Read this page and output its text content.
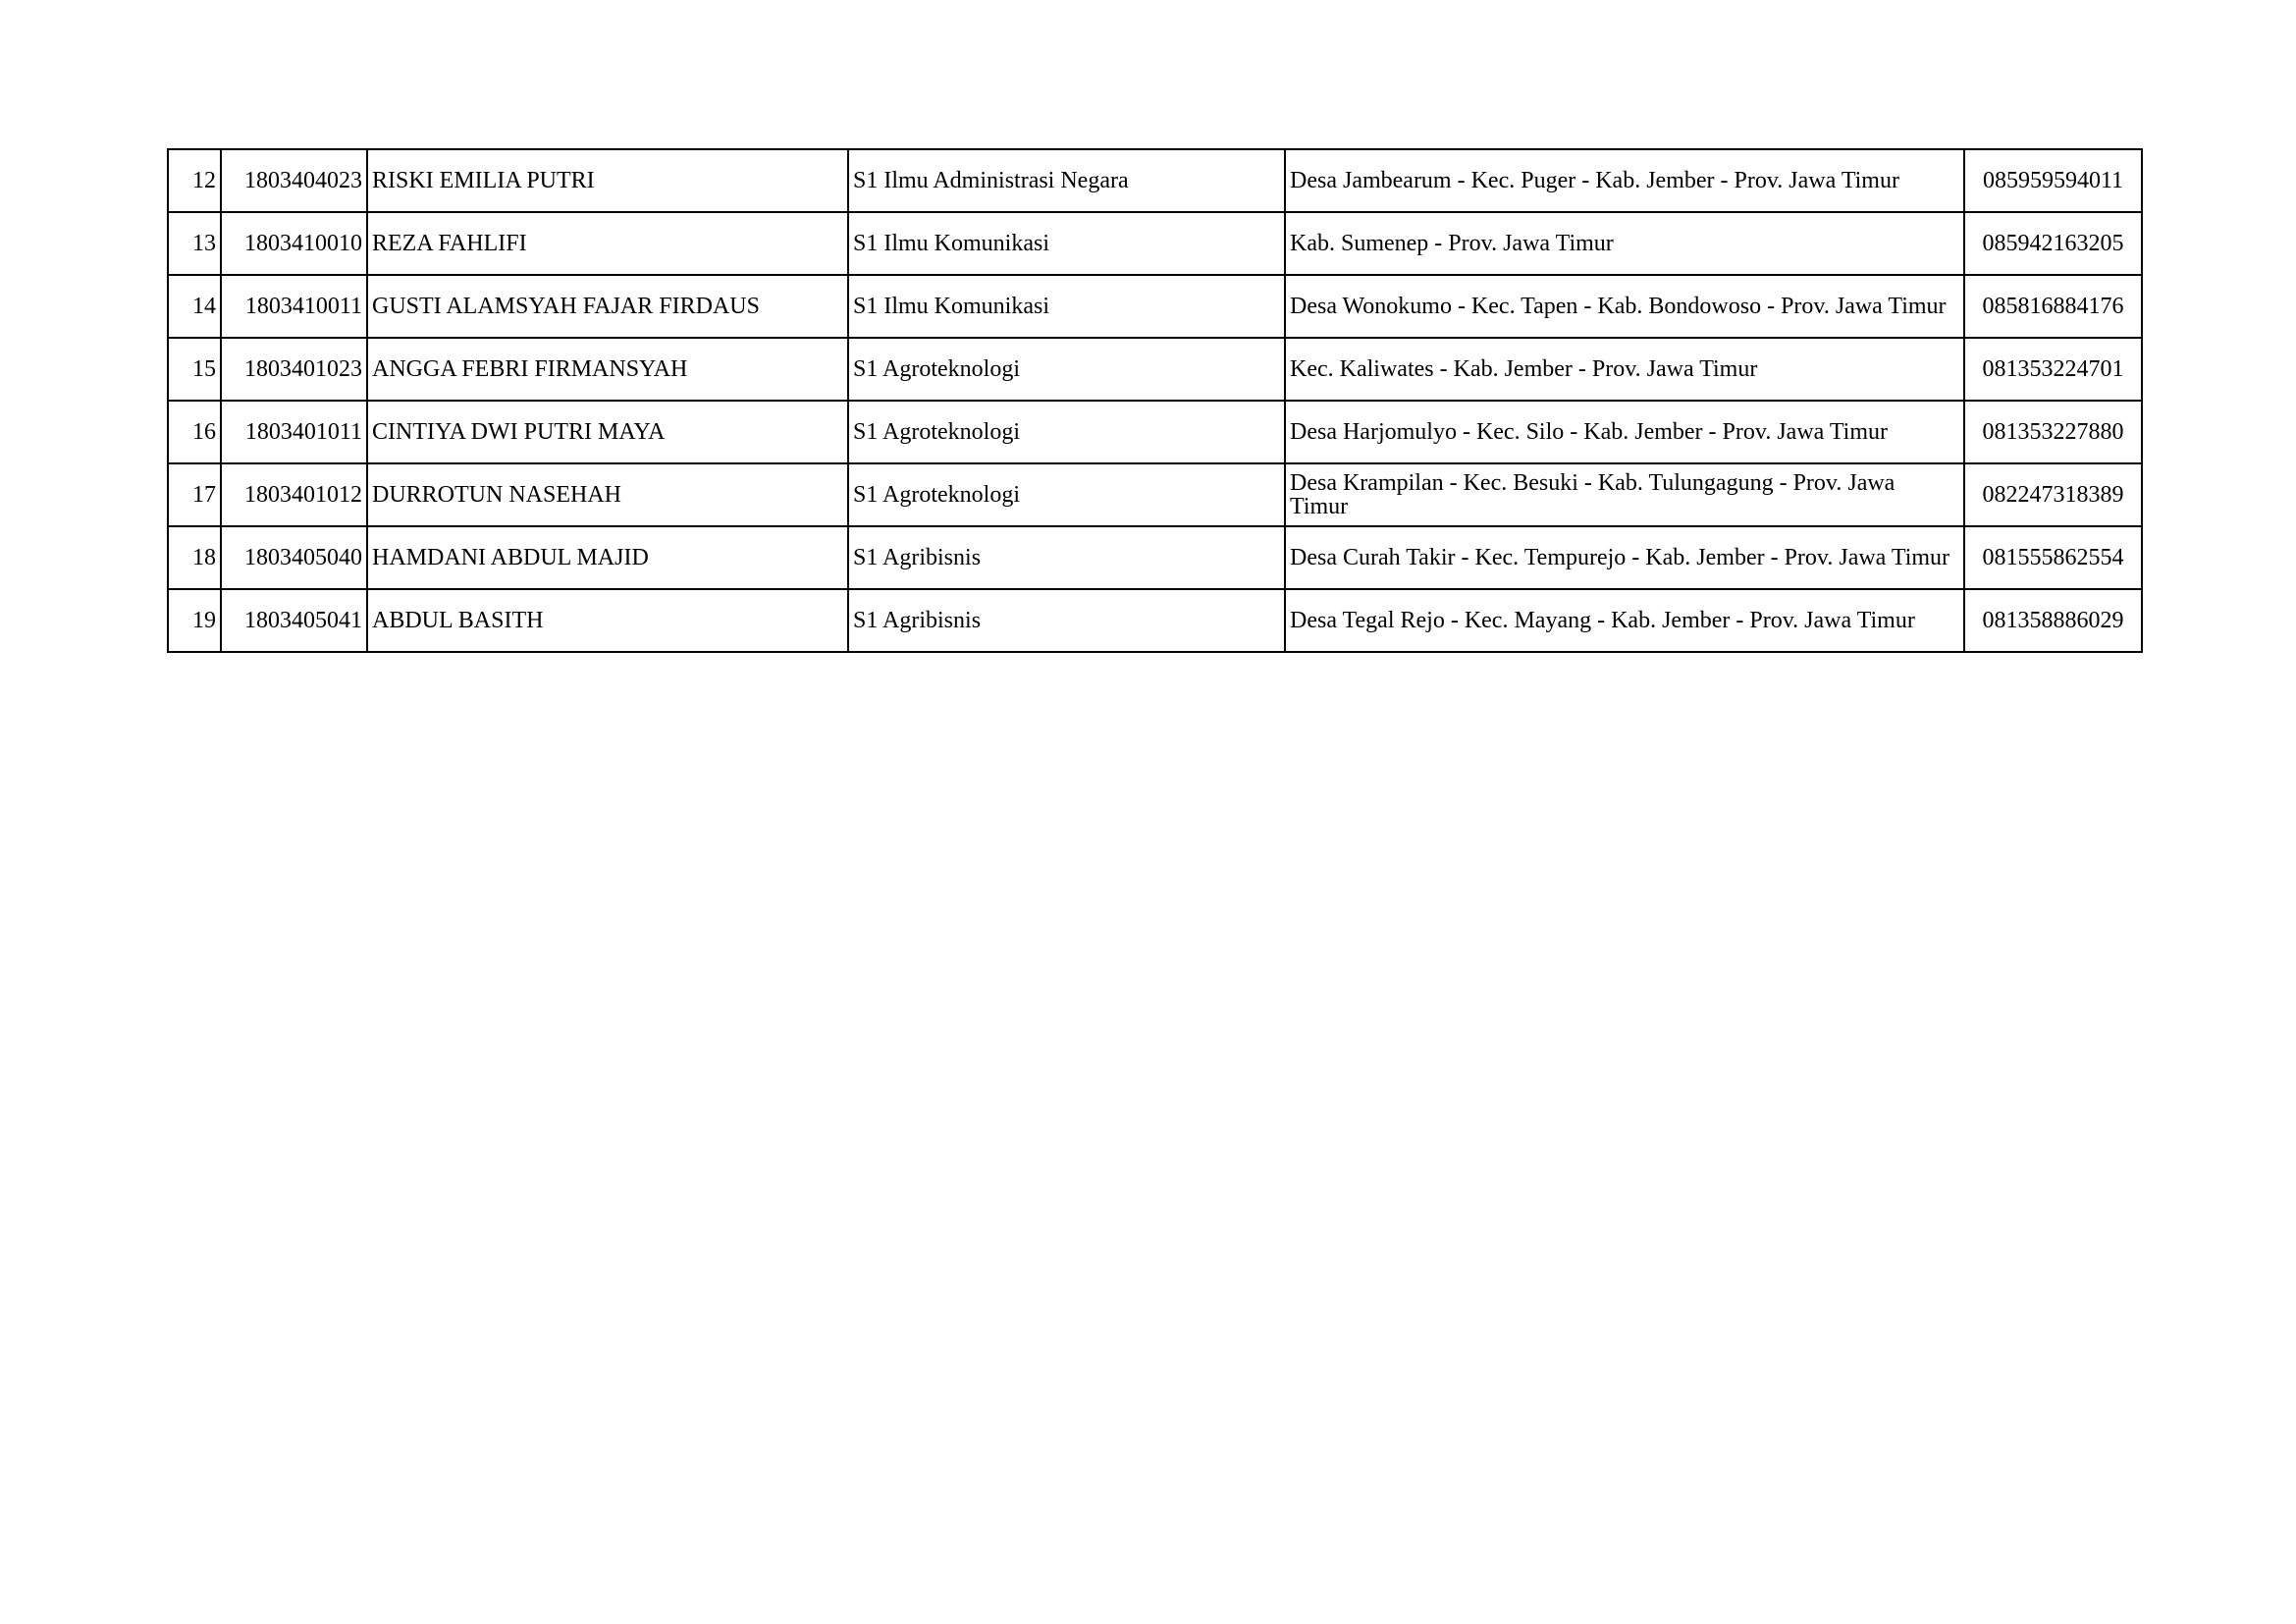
12	1803404023	RISKI EMILIA PUTRI	S1 Ilmu Administrasi Negara	Desa Jambearum - Kec. Puger - Kab. Jember - Prov. Jawa Timur	085959594011
13	1803410010	REZA FAHLIFI	S1 Ilmu Komunikasi	Kab. Sumenep - Prov. Jawa Timur	085942163205
14	1803410011	GUSTI ALAMSYAH FAJAR FIRDAUS	S1 Ilmu Komunikasi	Desa Wonokumo - Kec. Tapen - Kab. Bondowoso - Prov. Jawa Timur	085816884176
15	1803401023	ANGGA FEBRI FIRMANSYAH	S1 Agroteknologi	Kec. Kaliwates - Kab. Jember - Prov. Jawa Timur	081353224701
16	1803401011	CINTIYA DWI PUTRI MAYA	S1 Agroteknologi	Desa Harjomulyo - Kec. Silo - Kab. Jember - Prov. Jawa Timur	081353227880
17	1803401012	DURROTUN NASEHAH	S1 Agroteknologi	Desa Krampilan - Kec. Besuki - Kab. Tulungagung - Prov. Jawa Timur	082247318389
18	1803405040	HAMDANI ABDUL MAJID	S1 Agribisnis	Desa Curah Takir - Kec. Tempurejo - Kab. Jember - Prov. Jawa Timur	081555862554
19	1803405041	ABDUL BASITH	S1 Agribisnis	Desa Tegal Rejo - Kec. Mayang - Kab. Jember - Prov. Jawa Timur	081358886029
